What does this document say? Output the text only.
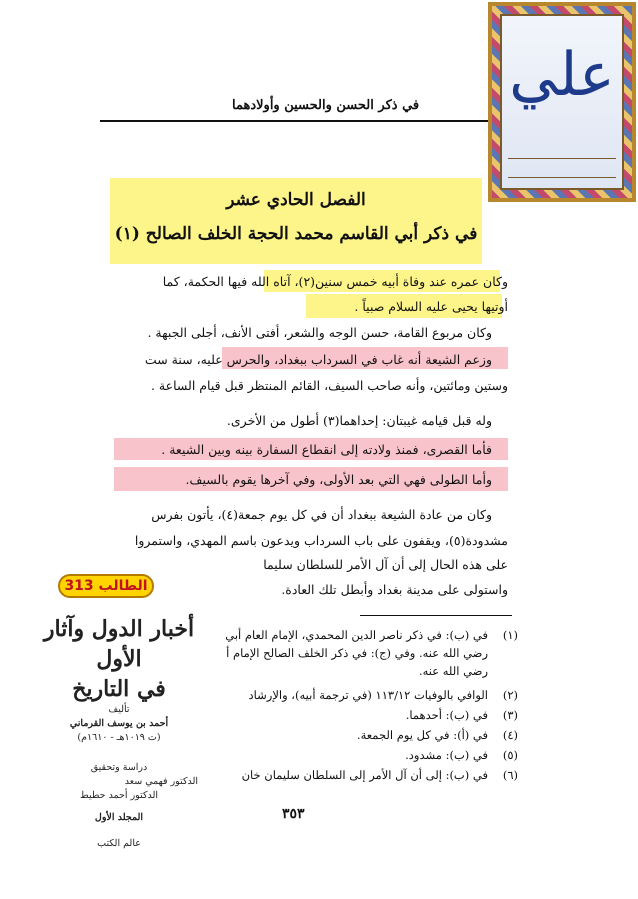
في ذكر الحسن والحسين وأولادهما علي
الفصل الحادي عشر
في ذكر أبي القاسم محمد الحجة الخلف الصالح (١)
وكان عمره عند وفاة أبيه خمس سنين(٢)، آتاه الله فيها الحكمة، كما
أوتيها يحيى عليه السلام صبياً .
وكان مربوع القامة، حسن الوجه والشعر، أفتى الأنف، أجلى الجبهة .
وزعم الشيعة أنه غاب في السرداب ببغداد، والحرس عليه، سنة ست
وستين ومائتين، وأنه صاحب السيف، القائم المنتظر قبل قيام الساعة .
وله قبل قيامه غيبتان: إحداهما(٣) أطول من الأخرى.
فأما القصرى، فمنذ ولادته إلى انقطاع السفارة بينه وبين الشيعة .
وأما الطولى فهي التي بعد الأولى، وفي آخرها يقوم بالسيف.
وكان من عادة الشيعة ببغداد أن في كل يوم جمعة(٤)، يأتون بفرس
مشدودة(٥)، ويقفون على باب السرداب ويدعون باسم المهدي، واستمروا
على هذه الحال إلى أن آل الأمر للسلطان سليما
واستولى على مدينة بغداد وأبطل تلك العادة.
الطالب 313
أخبار الدول وآثار الأول
في التاريخ
تأليف
أحمد بن يوسف القرماني
(ت ١٠١٩هـ - ١٦١٠م)
دراسة وتحقيق
الدكتور فهمي سعد
الدكتور أحمد حطيط
المجلد الأول
عالم الكتب
(١)
في (ب): في ذكر ناصر الدين المحمدي، الإمام العام أبي
رضي الله عنه. وفي (ج): في ذكر الخلف الصالح الإمام أ
رضي الله عنه.
(٢)
الوافي بالوفيات ١١٣/١٢ (في ترجمة أبيه)، والإرشاد
(٣)
في (ب): أحدهما.
(٤)
في (أ): في كل يوم الجمعة.
(٥)
في (ب): مشدود.
(٦)
في (ب): إلى أن آل الأمر إلى السلطان سليمان خان
٣٥٣
